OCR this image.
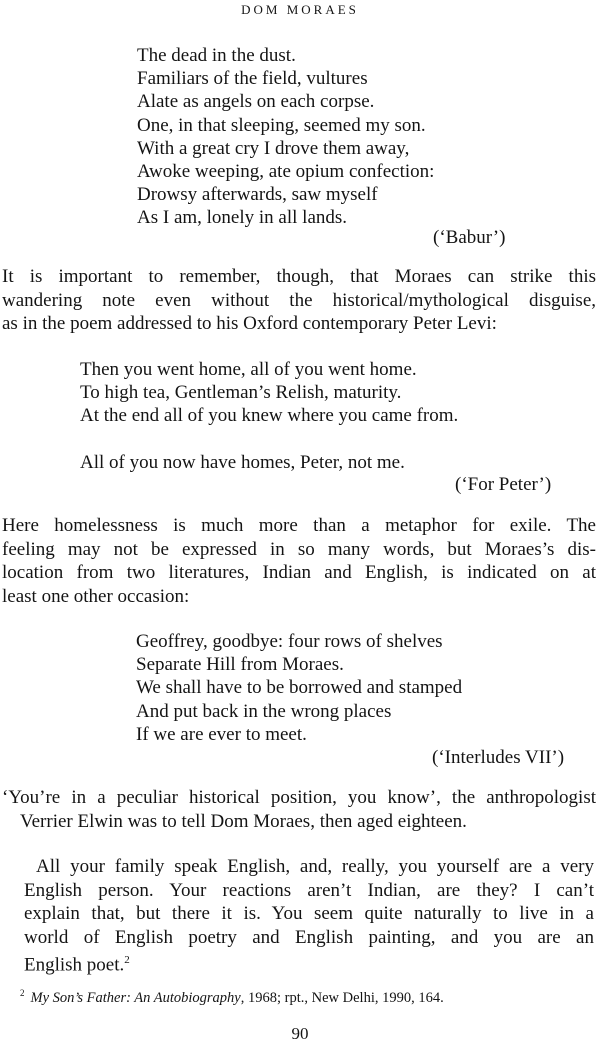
DOM MORAES
The dead in the dust.
Familiars of the field, vultures
Alate as angels on each corpse.
One, in that sleeping, seemed my son.
With a great cry I drove them away,
Awoke weeping, ate opium confection:
Drowsy afterwards, saw myself
As I am, lonely in all lands.
(‘Babur’)
It is important to remember, though, that Moraes can strike this
wandering note even without the historical/mythological disguise,
as in the poem addressed to his Oxford contemporary Peter Levi:
Then you went home, all of you went home.
To high tea, Gentleman’s Relish, maturity.
At the end all of you knew where you came from.
All of you now have homes, Peter, not me.
(‘For Peter’)
Here homelessness is much more than a metaphor for exile. The
feeling may not be expressed in so many words, but Moraes’s dis-
location from two literatures, Indian and English, is indicated on at
least one other occasion:
Geoffrey, goodbye: four rows of shelves
Separate Hill from Moraes.
We shall have to be borrowed and stamped
And put back in the wrong places
If we are ever to meet.
(‘Interludes VII’)
‘You’re in a peculiar historical position, you know’, the anthropologist
Verrier Elwin was to tell Dom Moraes, then aged eighteen.
All your family speak English, and, really, you yourself are a very
English person. Your reactions aren’t Indian, are they? I can’t
explain that, but there it is. You seem quite naturally to live in a
world of English poetry and English painting, and you are an
English poet.$^2$
$^2$ My Son’s Father: An Autobiography, 1968; rpt., New Delhi, 1990, 164.
90
